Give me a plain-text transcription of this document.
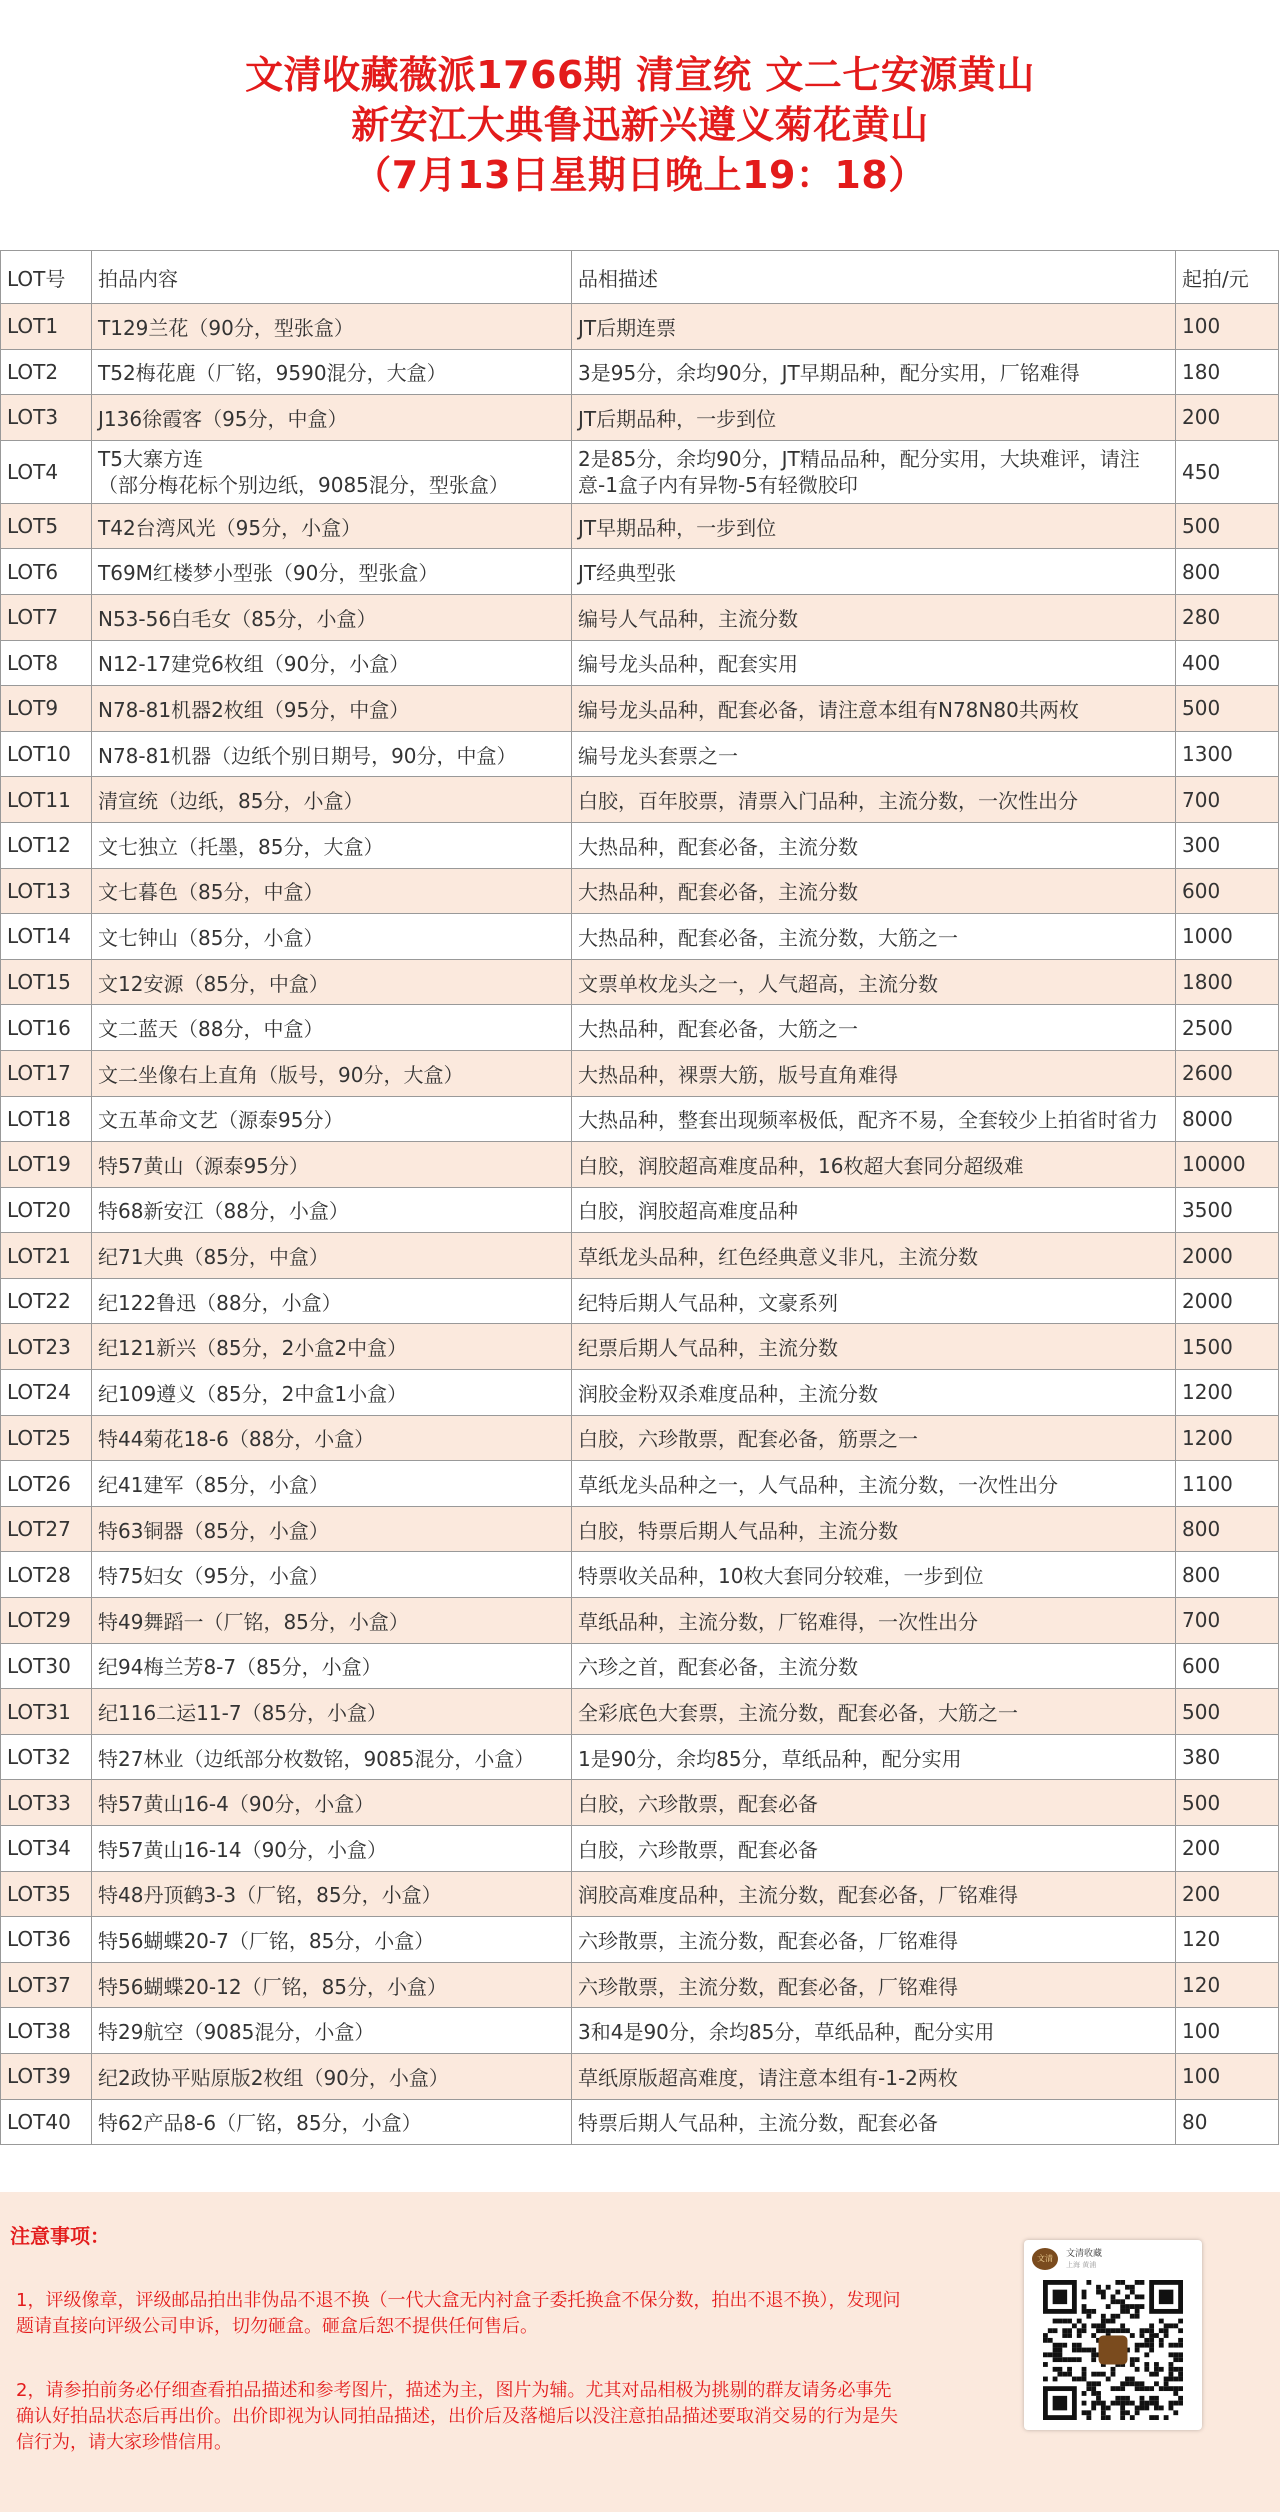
文清收藏薇派1766期 清宣统 文二七安源黄山
新安江大典鲁迅新兴遵义菊花黄山
（7月13日星期日晚上19：18）
LOT号	拍品内容	品相描述	起拍/元
LOT1	T129兰花（90分，型张盒）	JT后期连票	100
LOT2	T52梅花鹿（厂铭，9590混分，大盒）	3是95分，余均90分，JT早期品种，配分实用，厂铭难得	180
LOT3	J136徐霞客（95分，中盒）	JT后期品种，一步到位	200
LOT4	T5大寨方连
（部分梅花标个别边纸，9085混分，型张盒）	2是85分，余均90分，JT精品品种，配分实用，大块难评，请注意-1盒子内有异物-5有轻微胶印	450
LOT5	T42台湾风光（95分，小盒）	JT早期品种，一步到位	500
LOT6	T69M红楼梦小型张（90分，型张盒）	JT经典型张	800
LOT7	N53-56白毛女（85分，小盒）	编号人气品种，主流分数	280
LOT8	N12-17建党6枚组（90分，小盒）	编号龙头品种，配套实用	400
LOT9	N78-81机器2枚组（95分，中盒）	编号龙头品种，配套必备，请注意本组有N78N80共两枚	500
LOT10	N78-81机器（边纸个别日期号，90分，中盒）	编号龙头套票之一	1300
LOT11	清宣统（边纸，85分，小盒）	白胶，百年胶票，清票入门品种，主流分数，一次性出分	700
LOT12	文七独立（托墨，85分，大盒）	大热品种，配套必备，主流分数	300
LOT13	文七暮色（85分，中盒）	大热品种，配套必备，主流分数	600
LOT14	文七钟山（85分，小盒）	大热品种，配套必备，主流分数，大筋之一	1000
LOT15	文12安源（85分，中盒）	文票单枚龙头之一，人气超高，主流分数	1800
LOT16	文二蓝天（88分，中盒）	大热品种，配套必备，大筋之一	2500
LOT17	文二坐像右上直角（版号，90分，大盒）	大热品种，裸票大筋，版号直角难得	2600
LOT18	文五革命文艺（源泰95分）	大热品种，整套出现频率极低，配齐不易，全套较少上拍省时省力	8000
LOT19	特57黄山（源泰95分）	白胶，润胶超高难度品种，16枚超大套同分超级难	10000
LOT20	特68新安江（88分，小盒）	白胶，润胶超高难度品种	3500
LOT21	纪71大典（85分，中盒）	草纸龙头品种，红色经典意义非凡，主流分数	2000
LOT22	纪122鲁迅（88分，小盒）	纪特后期人气品种，文豪系列	2000
LOT23	纪121新兴（85分，2小盒2中盒）	纪票后期人气品种，主流分数	1500
LOT24	纪109遵义（85分，2中盒1小盒）	润胶金粉双杀难度品种，主流分数	1200
LOT25	特44菊花18-6（88分，小盒）	白胶，六珍散票，配套必备，筋票之一	1200
LOT26	纪41建军（85分，小盒）	草纸龙头品种之一，人气品种，主流分数，一次性出分	1100
LOT27	特63铜器（85分，小盒）	白胶，特票后期人气品种，主流分数	800
LOT28	特75妇女（95分，小盒）	特票收关品种，10枚大套同分较难，一步到位	800
LOT29	特49舞蹈一（厂铭，85分，小盒）	草纸品种，主流分数，厂铭难得，一次性出分	700
LOT30	纪94梅兰芳8-7（85分，小盒）	六珍之首，配套必备，主流分数	600
LOT31	纪116二运11-7（85分，小盒）	全彩底色大套票，主流分数，配套必备，大筋之一	500
LOT32	特27林业（边纸部分枚数铭，9085混分，小盒）	1是90分，余均85分，草纸品种，配分实用	380
LOT33	特57黄山16-4（90分，小盒）	白胶，六珍散票，配套必备	500
LOT34	特57黄山16-14（90分，小盒）	白胶，六珍散票，配套必备	200
LOT35	特48丹顶鹤3-3（厂铭，85分，小盒）	润胶高难度品种，主流分数，配套必备，厂铭难得	200
LOT36	特56蝴蝶20-7（厂铭，85分，小盒）	六珍散票，主流分数，配套必备，厂铭难得	120
LOT37	特56蝴蝶20-12（厂铭，85分，小盒）	六珍散票，主流分数，配套必备，厂铭难得	120
LOT38	特29航空（9085混分，小盒）	3和4是90分，余均85分，草纸品种，配分实用	100
LOT39	纪2政协平贴原版2枚组（90分，小盒）	草纸原版超高难度，请注意本组有-1-2两枚	100
LOT40	特62产品8-6（厂铭，85分，小盒）	特票后期人气品种，主流分数，配套必备	80
注意事项：
1，评级像章，评级邮品拍出非伪品不退不换（一代大盒无内衬盒子委托换盒不保分数，拍出不退不换），发现问题请直接向评级公司申诉，切勿砸盒。砸盒后恕不提供任何售后。
2，请参拍前务必仔细查看拍品描述和参考图片，描述为主，图片为辅。尤其对品相极为挑剔的群友请务必事先确认好拍品状态后再出价。出价即视为认同拍品描述，出价后及落槌后以没注意拍品描述要取消交易的行为是失信行为，请大家珍惜信用。
文清	文清收藏
上海 黄浦
